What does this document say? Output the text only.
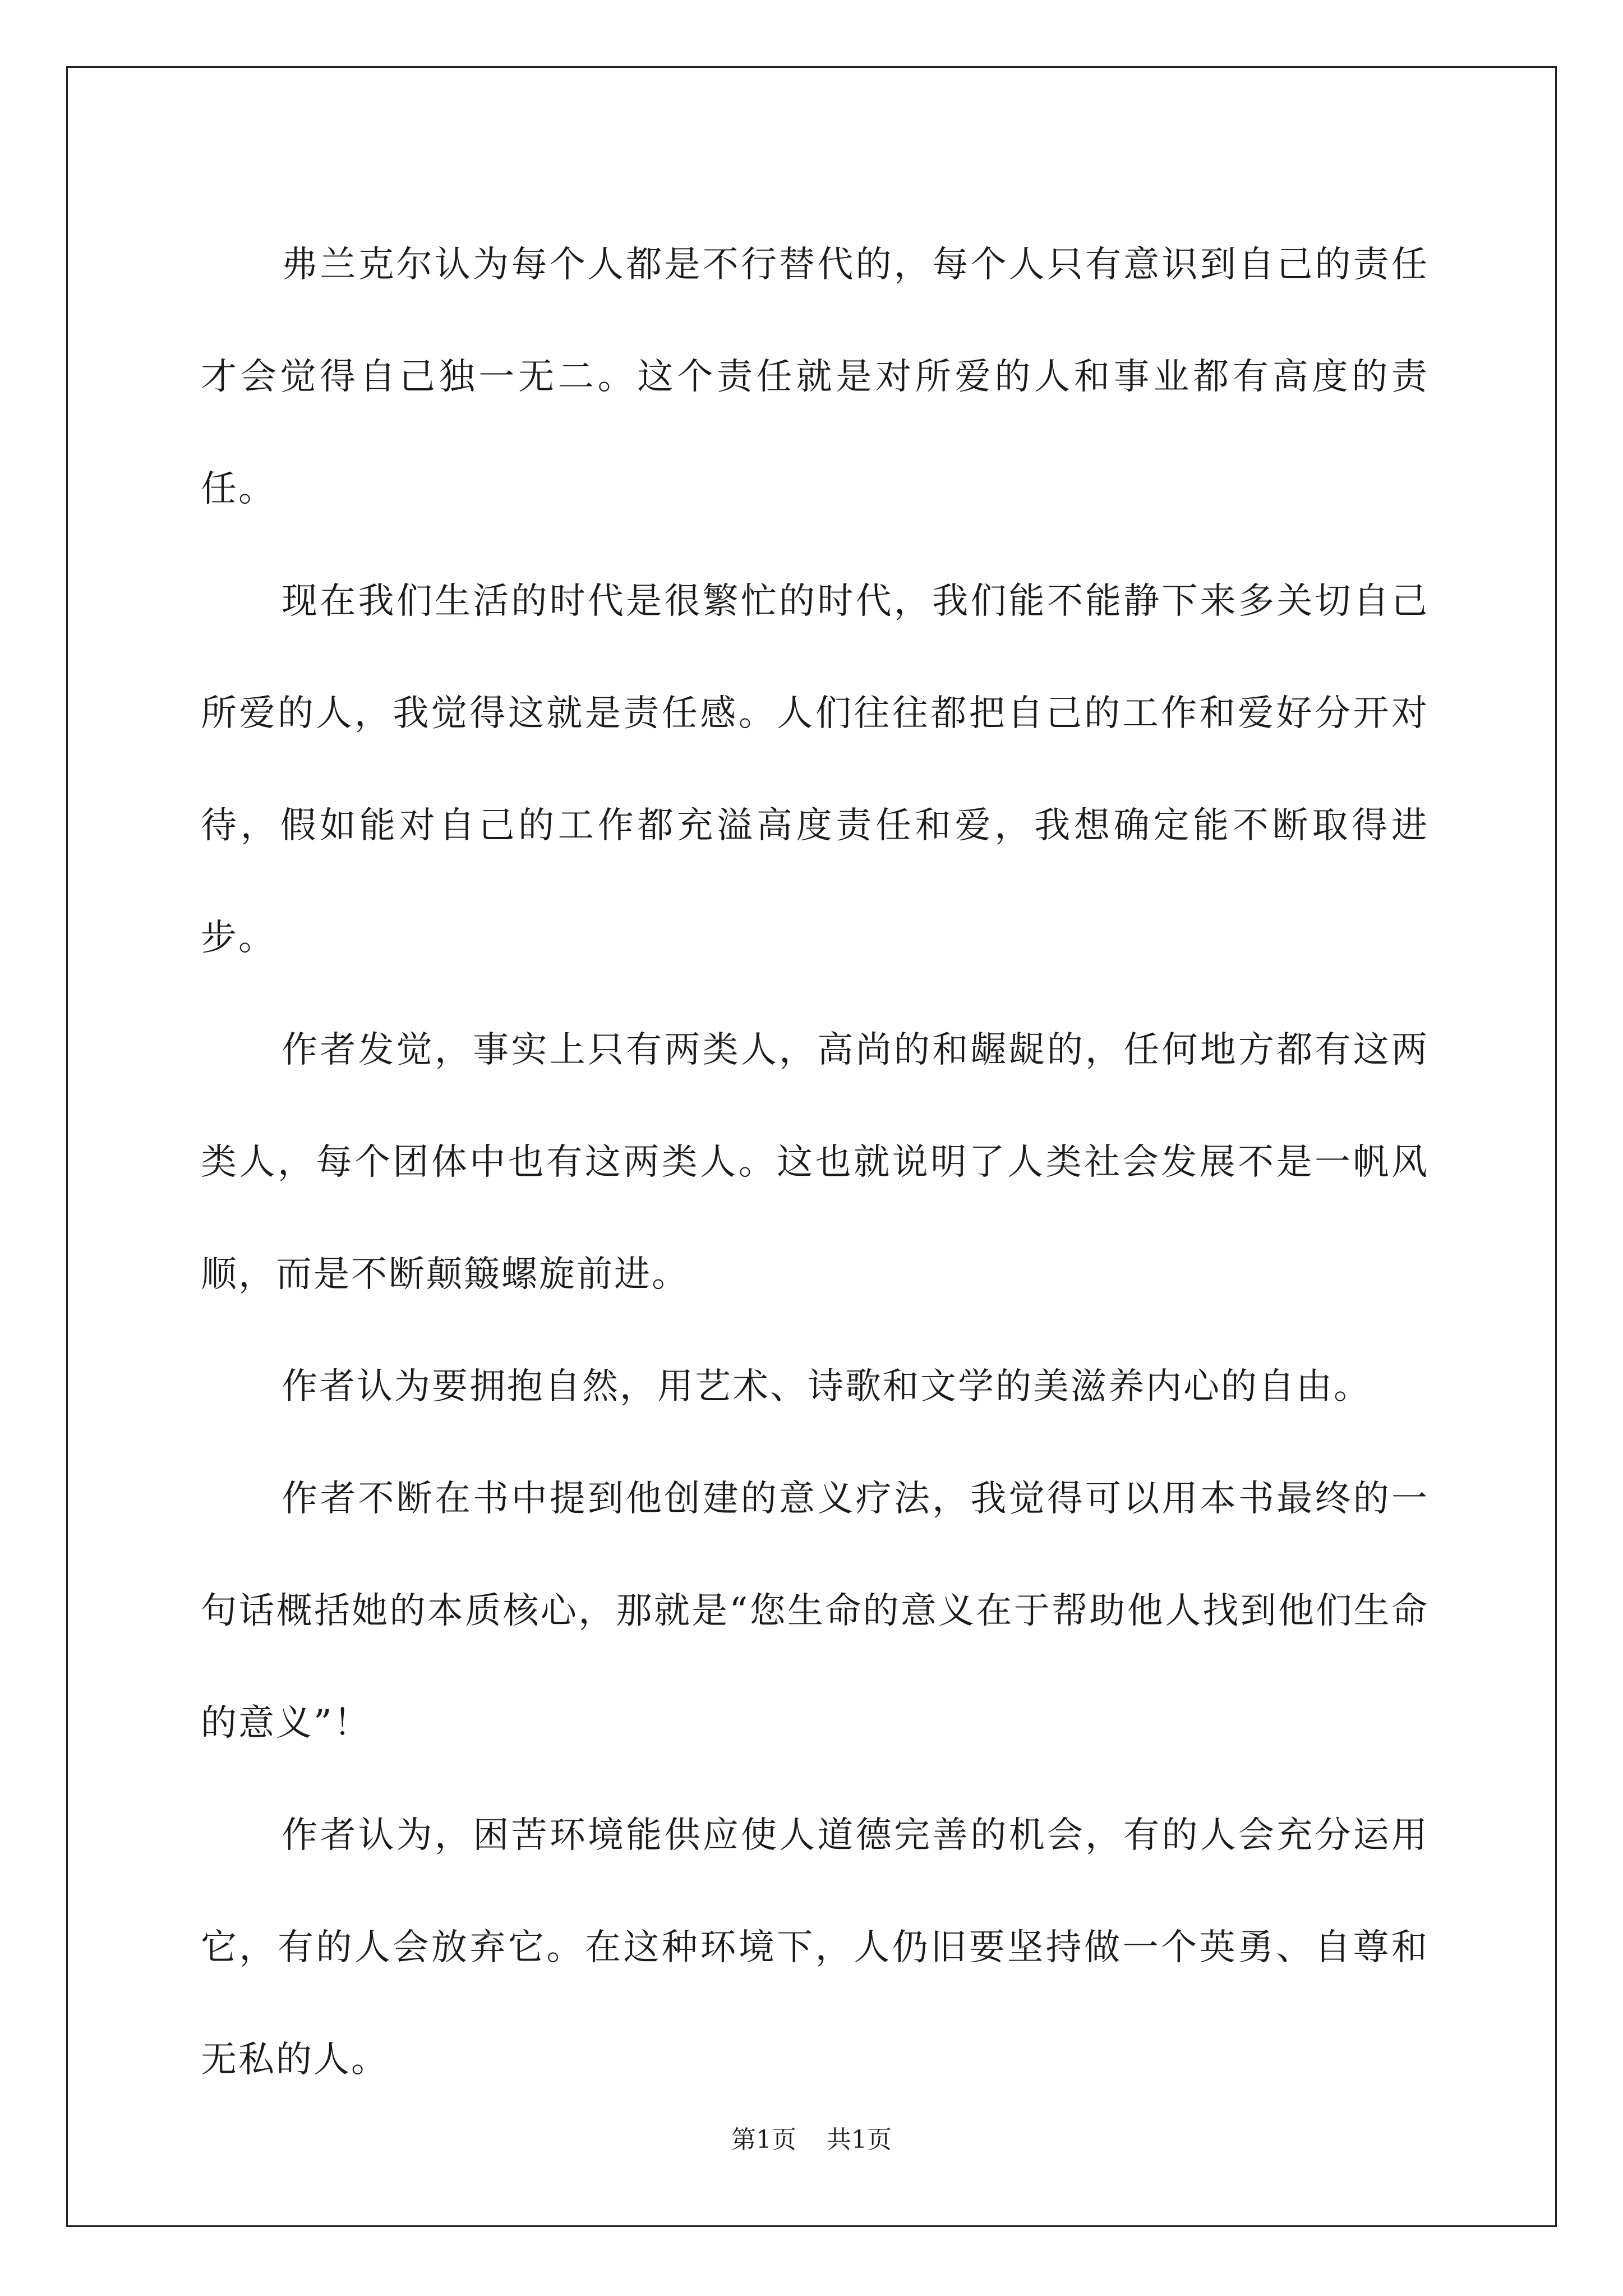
弗兰克尔认为每个人都是不行替代的，每个人只有意识到自己的责任才会觉得自己独一无二。这个责任就是对所爱的人和事业都有高度的责任。

现在我们生活的时代是很繁忙的时代，我们能不能静下来多关切自己所爱的人，我觉得这就是责任感。人们往往都把自己的工作和爱好分开对待，假如能对自己的工作都充溢高度责任和爱，我想确定能不断取得进步。

作者发觉，事实上只有两类人，高尚的和龌龊的，任何地方都有这两类人，每个团体中也有这两类人。这也就说明了人类社会发展不是一帆风顺，而是不断颠簸螺旋前进。

作者认为要拥抱自然，用艺术、诗歌和文学的美滋养内心的自由。

作者不断在书中提到他创建的意义疗法，我觉得可以用本书最终的一句话概括她的本质核心，那就是“您生命的意义在于帮助他人找到他们生命的意义”！

作者认为，困苦环境能供应使人道德完善的机会，有的人会充分运用它，有的人会放弃它。在这种环境下，人仍旧要坚持做一个英勇、自尊和无私的人。

第1页 共1页
